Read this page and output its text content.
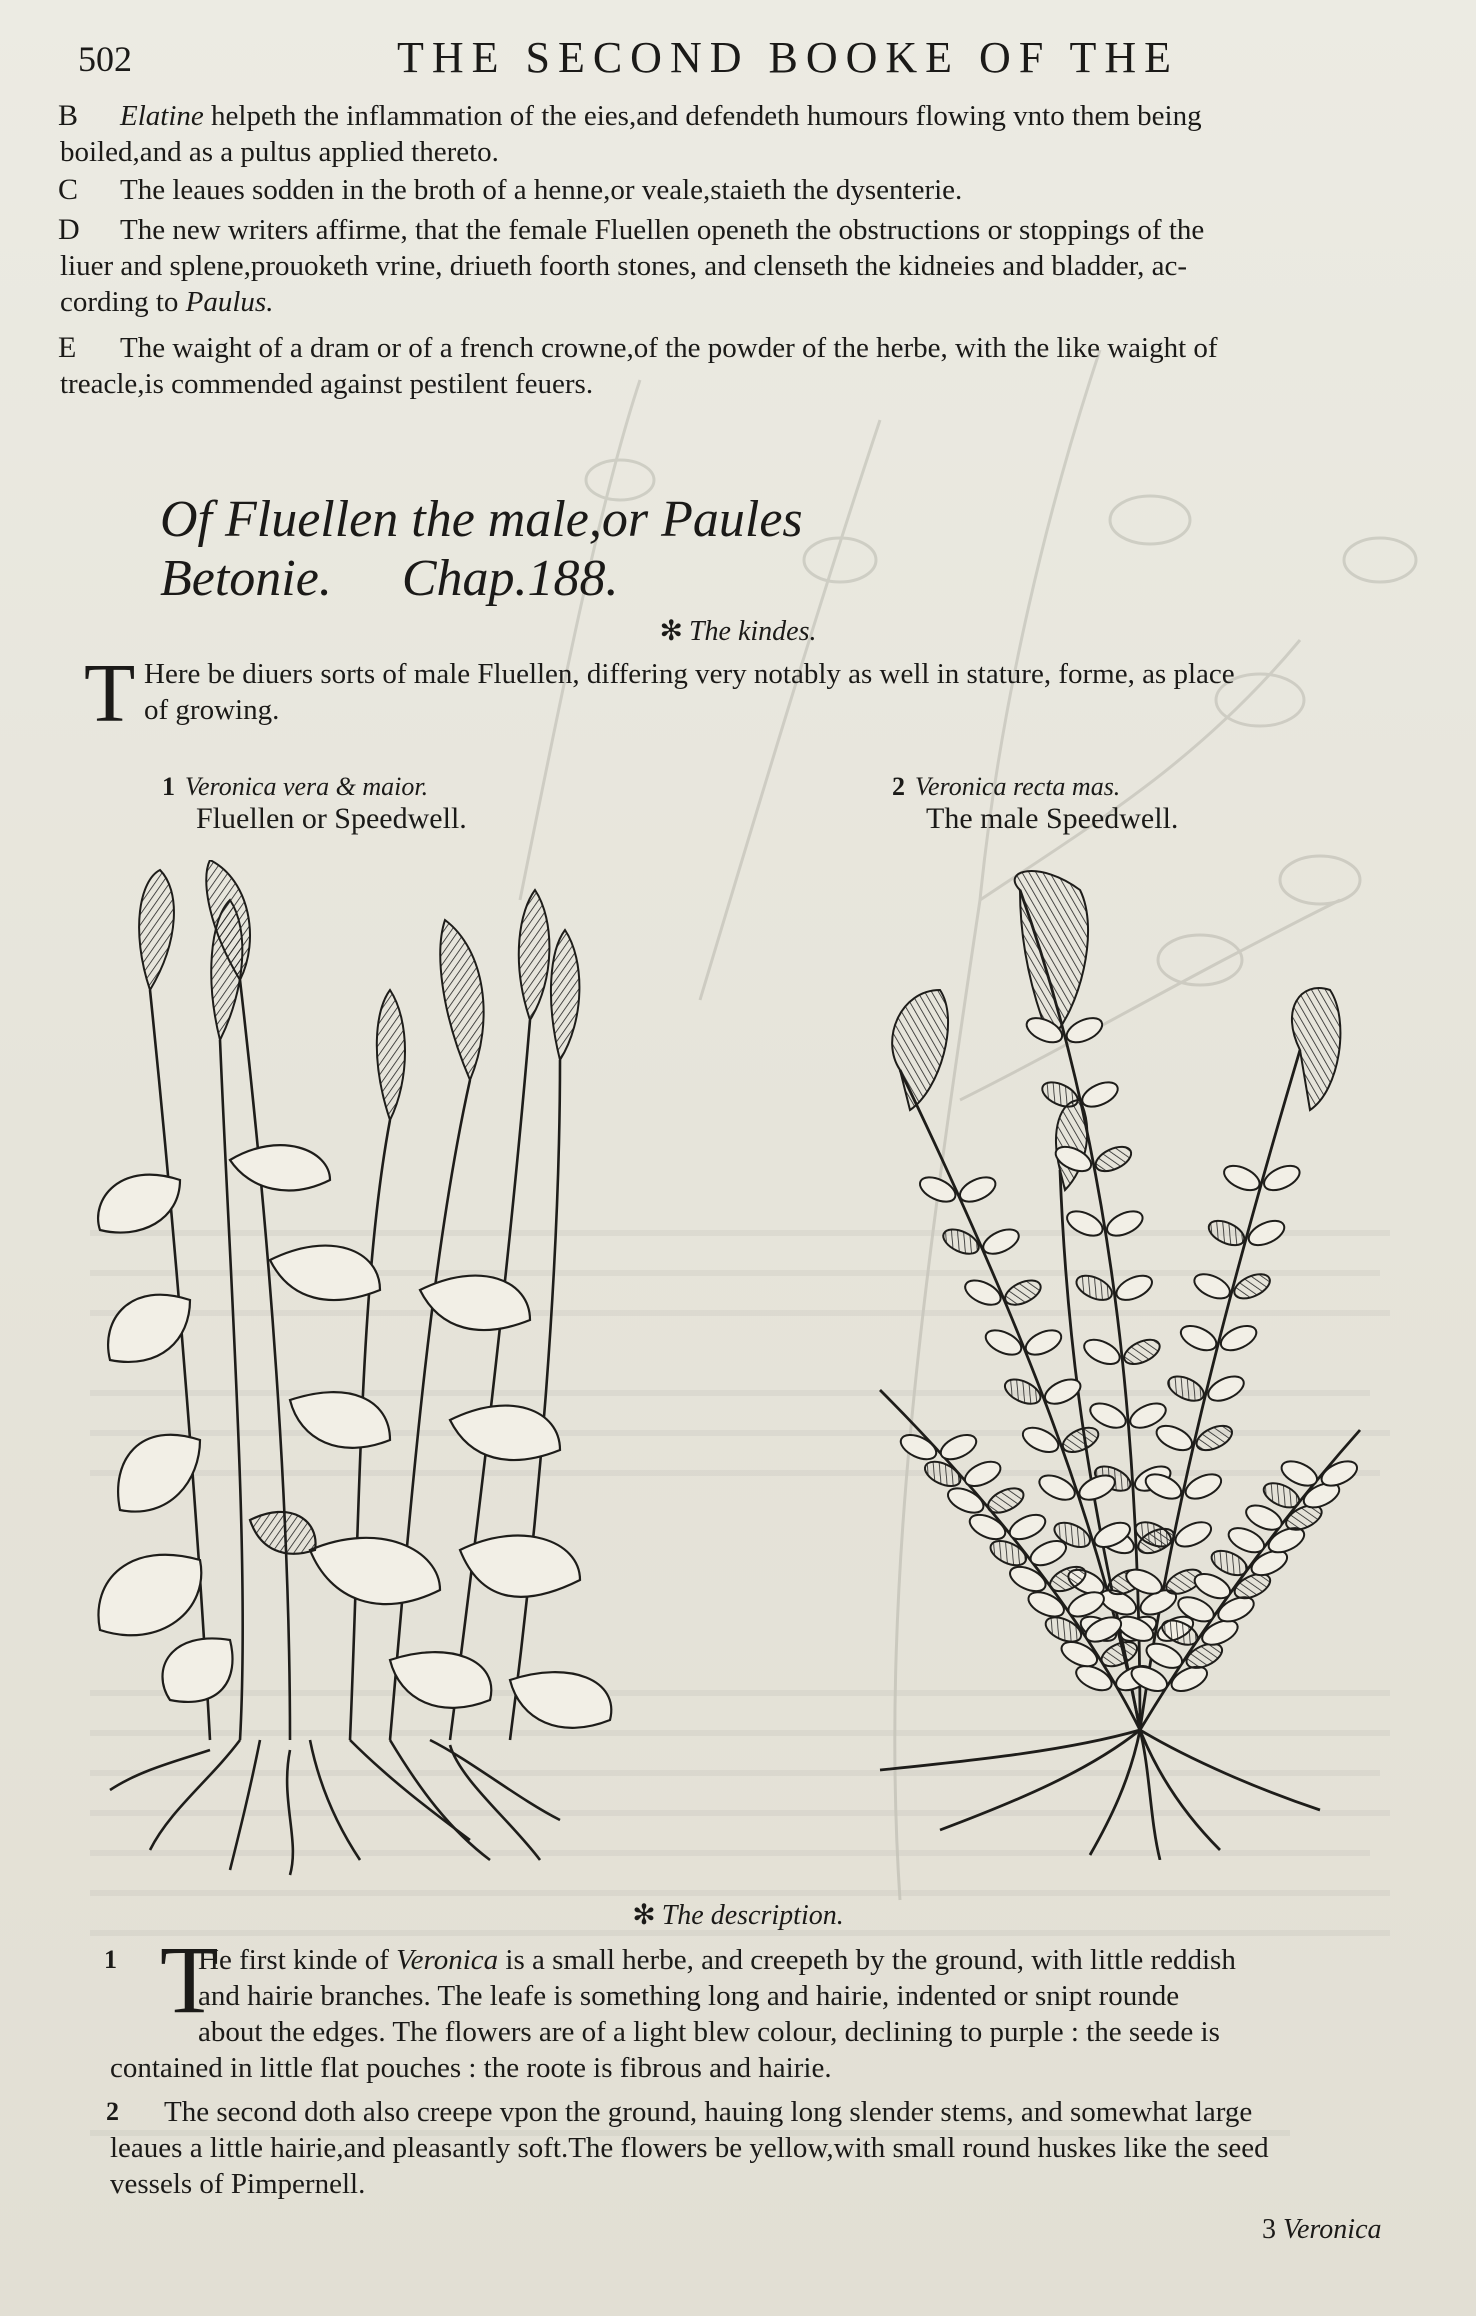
502	THE SECOND BOOKE OF THE
B Elatine helpeth the inflammation of the eies,and defendeth humours flowing vnto them being
boiled,and as a pultus applied thereto.
C The leaues sodden in the broth of a henne,or veale,staieth the dysenterie.
D The new writers affirme, that the female Fluellen openeth the obstructions or stoppings of the
liuer and splene,prouoketh vrine, driueth foorth stones, and clenseth the kidneies and bladder, ac-
cording to Paulus.
E The waight of a dram or of a french crowne,of the powder of the herbe, with the like waight of
treacle,is commended against pestilent feuers.
Of Fluellen the male,or Paules Betonie. Chap.188.
✻ The kindes.
T Here be diuers sorts of male Fluellen, differing very notably as well in stature, forme, as place
of growing.
1 Veronica vera & maior.
Fluellen or Speedwell.
2 Veronica recta mas.
The male Speedwell.
✻ The description.
1	He first kinde of Veronica is a small herbe, and creepeth by the ground, with little reddish
and hairie branches. The leafe is something long and hairie, indented or snipt rounde
about the edges. The flowers are of a light blew colour, declining to purple : the seede is
contained in little flat pouches : the roote is fibrous and hairie.
T
2 The second doth also creepe vpon the ground, hauing long slender stems, and somewhat large
leaues a little hairie,and pleasantly soft.The flowers be yellow,with small round huskes like the seed
vessels of Pimpernell.
3 Veronica
